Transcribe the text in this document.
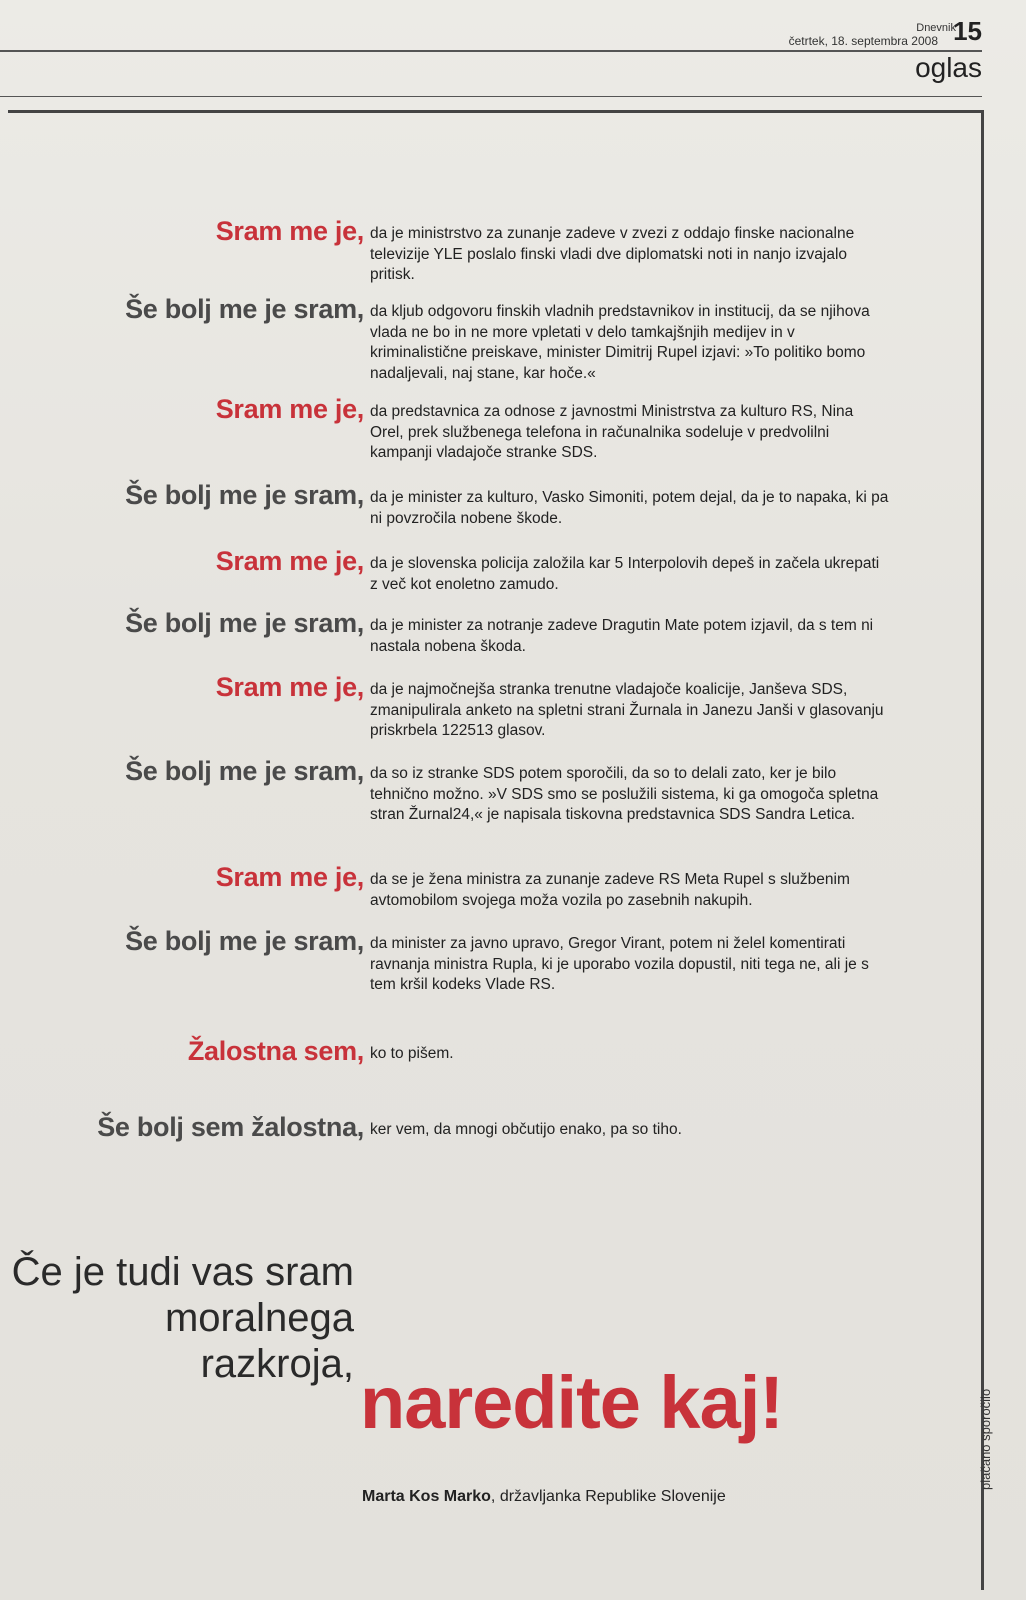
Dnevnik
četrtek, 18. septembra 2008 15
oglas
Sram me je, da je ministrstvo za zunanje zadeve v zvezi z oddajo finske nacionalne televizije YLE poslalo finski vladi dve diplomatski noti in nanjo izvajalo pritisk.
Še bolj me je sram, da kljub odgovoru finskih vladnih predstavnikov in institucij, da se njihova vlada ne bo in ne more vpletati v delo tamkajšnjih medijev in v kriminalistične preiskave, minister Dimitrij Rupel izjavi: »To politiko bomo nadaljevali, naj stane, kar hoče.«
Sram me je, da predstavnica za odnose z javnostmi Ministrstva za kulturo RS, Nina Orel, prek službenega telefona in računalnika sodeluje v predvolilni kampanji vladajoče stranke SDS.
Še bolj me je sram, da je minister za kulturo, Vasko Simoniti, potem dejal, da je to napaka, ki pa ni povzročila nobene škode.
Sram me je, da je slovenska policija založila kar 5 Interpolovih depeš in začela ukrepati z več kot enoletno zamudo.
Še bolj me je sram, da je minister za notranje zadeve Dragutin Mate potem izjavil, da s tem ni nastala nobena škoda.
Sram me je, da je najmočnejša stranka trenutne vladajoče koalicije, Janševa SDS, zmanipulirala anketo na spletni strani Žurnala in Janezu Janši v glasovanju priskrbela 122513 glasov.
Še bolj me je sram, da so iz stranke SDS potem sporočili, da so to delali zato, ker je bilo tehnično možno. »V SDS smo se poslužili sistema, ki ga omogoča spletna stran Žurnal24,« je napisala tiskovna predstavnica SDS Sandra Letica.
Sram me je, da se je žena ministra za zunanje zadeve RS Meta Rupel s službenim avtomobilom svojega moža vozila po zasebnih nakupih.
Še bolj me je sram, da minister za javno upravo, Gregor Virant, potem ni želel komentirati ravnanja ministra Rupla, ki je uporabo vozila dopustil, niti tega ne, ali je s tem kršil kodeks Vlade RS.
Žalostna sem, ko to pišem.
Še bolj sem žalostna, ker vem, da mnogi občutijo enako, pa so tiho.
Če je tudi vas sram
moralnega
razkroja, naredite kaj!
Marta Kos Marko, državljanka Republike Slovenije
plačano sporočilo
